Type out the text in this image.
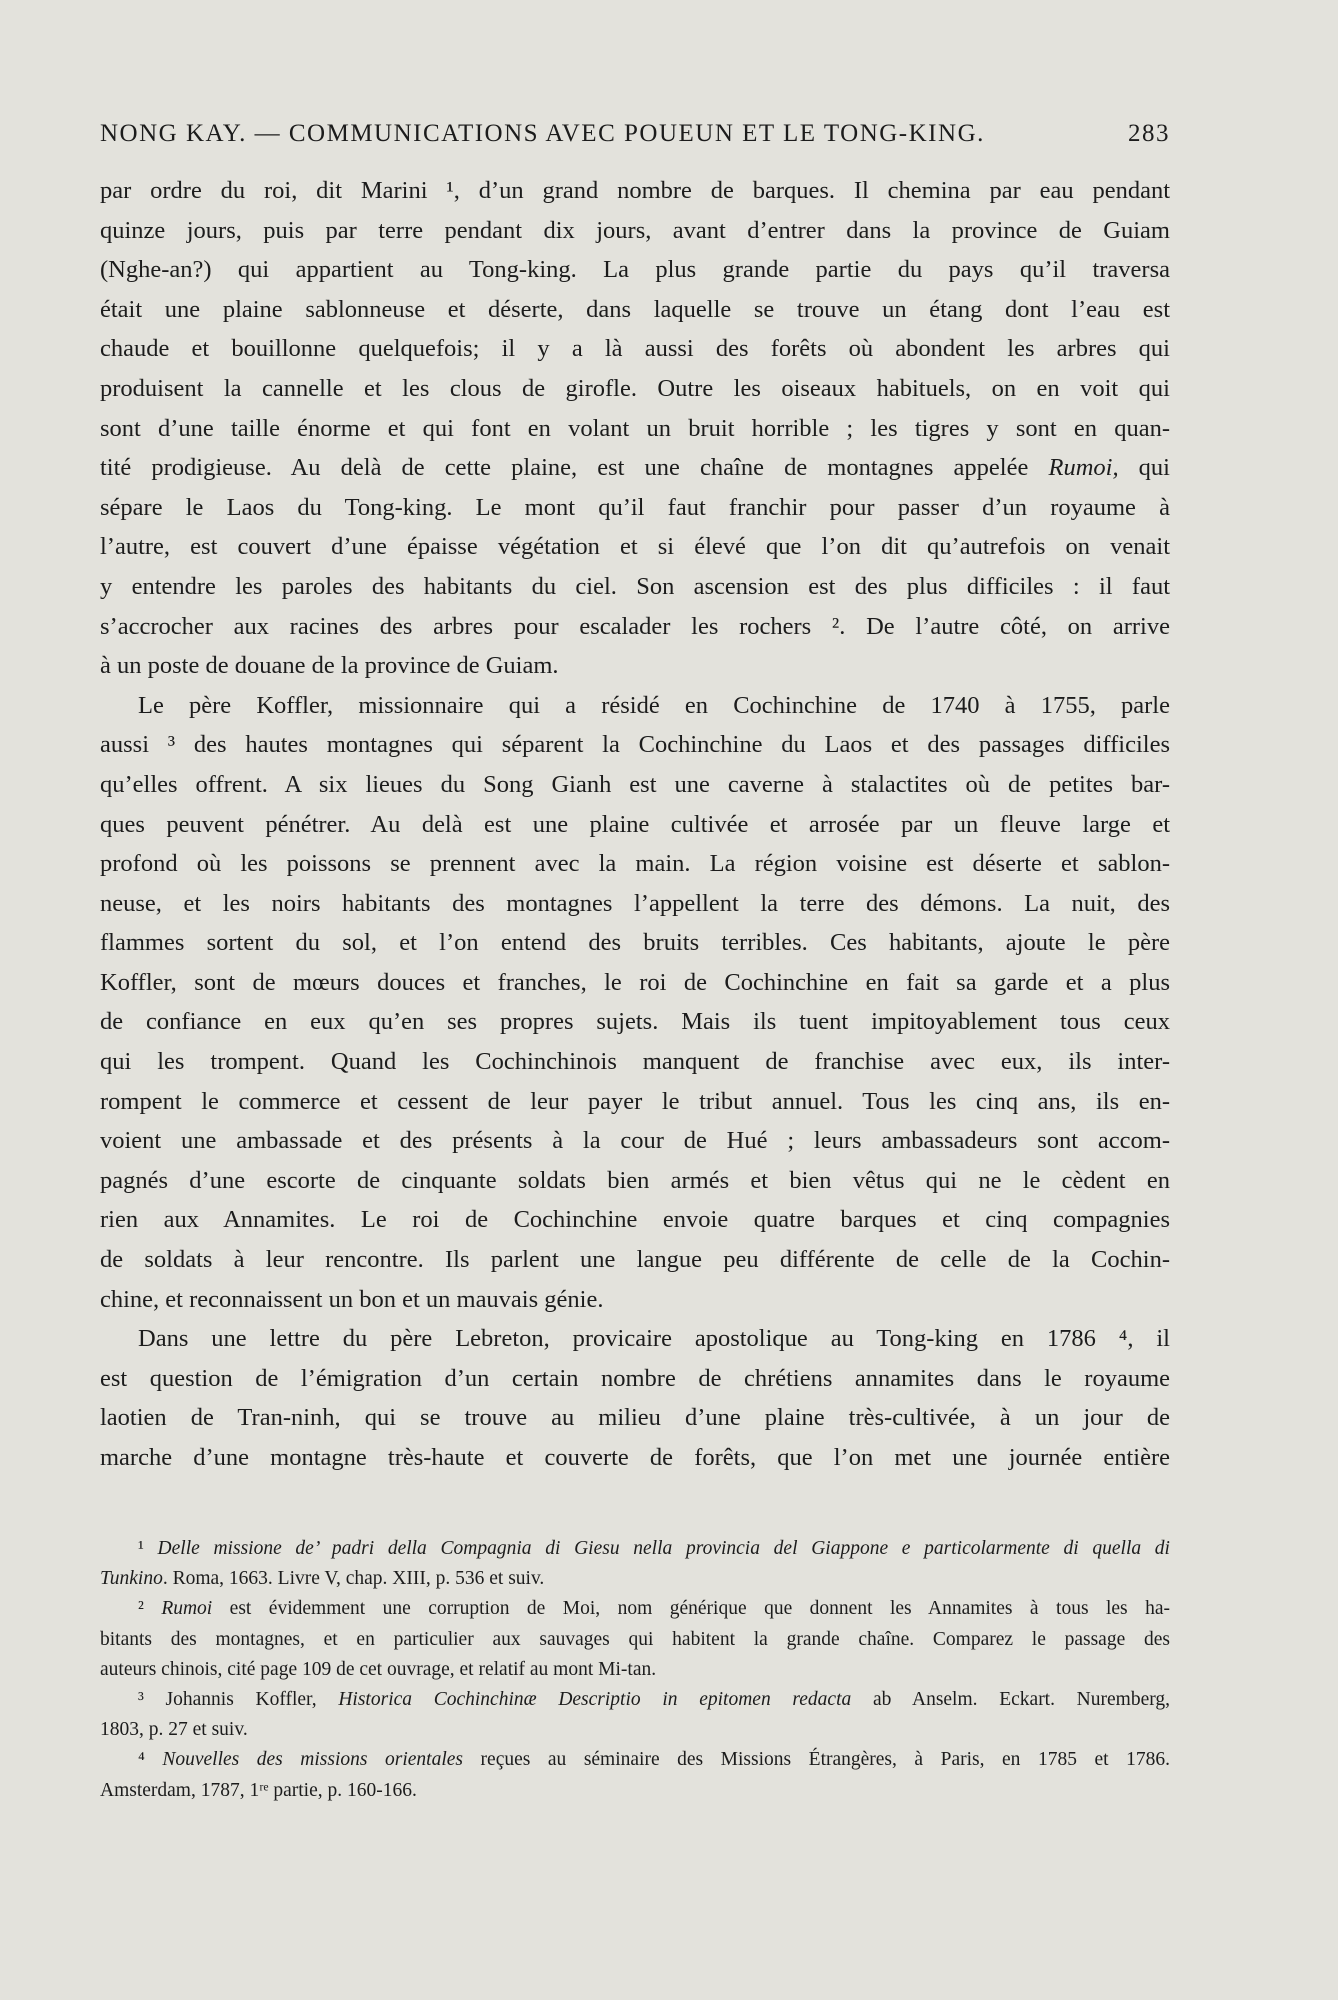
NONG KAY. — COMMUNICATIONS AVEC POUEUN ET LE TONG-KING.	283
par ordre du roi, dit Marini ¹, d’un grand nombre de barques. Il chemina par eau pendant
quinze jours, puis par terre pendant dix jours, avant d’entrer dans la province de Guiam
(Nghe-an?) qui appartient au Tong-king. La plus grande partie du pays qu’il traversa
était une plaine sablonneuse et déserte, dans laquelle se trouve un étang dont l’eau est
chaude et bouillonne quelquefois; il y a là aussi des forêts où abondent les arbres qui
produisent la cannelle et les clous de girofle. Outre les oiseaux habituels, on en voit qui
sont d’une taille énorme et qui font en volant un bruit horrible ; les tigres y sont en quan-
tité prodigieuse. Au delà de cette plaine, est une chaîne de montagnes appelée Rumoi, qui
sépare le Laos du Tong-king. Le mont qu’il faut franchir pour passer d’un royaume à
l’autre, est couvert d’une épaisse végétation et si élevé que l’on dit qu’autrefois on venait
y entendre les paroles des habitants du ciel. Son ascension est des plus difficiles : il faut
s’accrocher aux racines des arbres pour escalader les rochers ². De l’autre côté, on arrive
à un poste de douane de la province de Guiam.
Le père Koffler, missionnaire qui a résidé en Cochinchine de 1740 à 1755, parle
aussi ³ des hautes montagnes qui séparent la Cochinchine du Laos et des passages difficiles
qu’elles offrent. A six lieues du Song Gianh est une caverne à stalactites où de petites bar-
ques peuvent pénétrer. Au delà est une plaine cultivée et arrosée par un fleuve large et
profond où les poissons se prennent avec la main. La région voisine est déserte et sablon-
neuse, et les noirs habitants des montagnes l’appellent la terre des démons. La nuit, des
flammes sortent du sol, et l’on entend des bruits terribles. Ces habitants, ajoute le père
Koffler, sont de mœurs douces et franches, le roi de Cochinchine en fait sa garde et a plus
de confiance en eux qu’en ses propres sujets. Mais ils tuent impitoyablement tous ceux
qui les trompent. Quand les Cochinchinois manquent de franchise avec eux, ils inter-
rompent le commerce et cessent de leur payer le tribut annuel. Tous les cinq ans, ils en-
voient une ambassade et des présents à la cour de Hué ; leurs ambassadeurs sont accom-
pagnés d’une escorte de cinquante soldats bien armés et bien vêtus qui ne le cèdent en
rien aux Annamites. Le roi de Cochinchine envoie quatre barques et cinq compagnies
de soldats à leur rencontre. Ils parlent une langue peu différente de celle de la Cochin-
chine, et reconnaissent un bon et un mauvais génie.
Dans une lettre du père Lebreton, provicaire apostolique au Tong-king en 1786 ⁴, il
est question de l’émigration d’un certain nombre de chrétiens annamites dans le royaume
laotien de Tran-ninh, qui se trouve au milieu d’une plaine très-cultivée, à un jour de
marche d’une montagne très-haute et couverte de forêts, que l’on met une journée entière
¹ Delle missione de’ padri della Compagnia di Giesu nella provincia del Giappone e particolarmente di quella di
Tunkino. Roma, 1663. Livre V, chap. XIII, p. 536 et suiv.
² Rumoi est évidemment une corruption de Moi, nom générique que donnent les Annamites à tous les ha-
bitants des montagnes, et en particulier aux sauvages qui habitent la grande chaîne. Comparez le passage des
auteurs chinois, cité page 109 de cet ouvrage, et relatif au mont Mi-tan.
³ Johannis Koffler, Historica Cochinchinæ Descriptio in epitomen redacta ab Anselm. Eckart. Nuremberg,
1803, p. 27 et suiv.
⁴ Nouvelles des missions orientales reçues au séminaire des Missions Étrangères, à Paris, en 1785 et 1786.
Amsterdam, 1787, 1ʳᵉ partie, p. 160-166.
